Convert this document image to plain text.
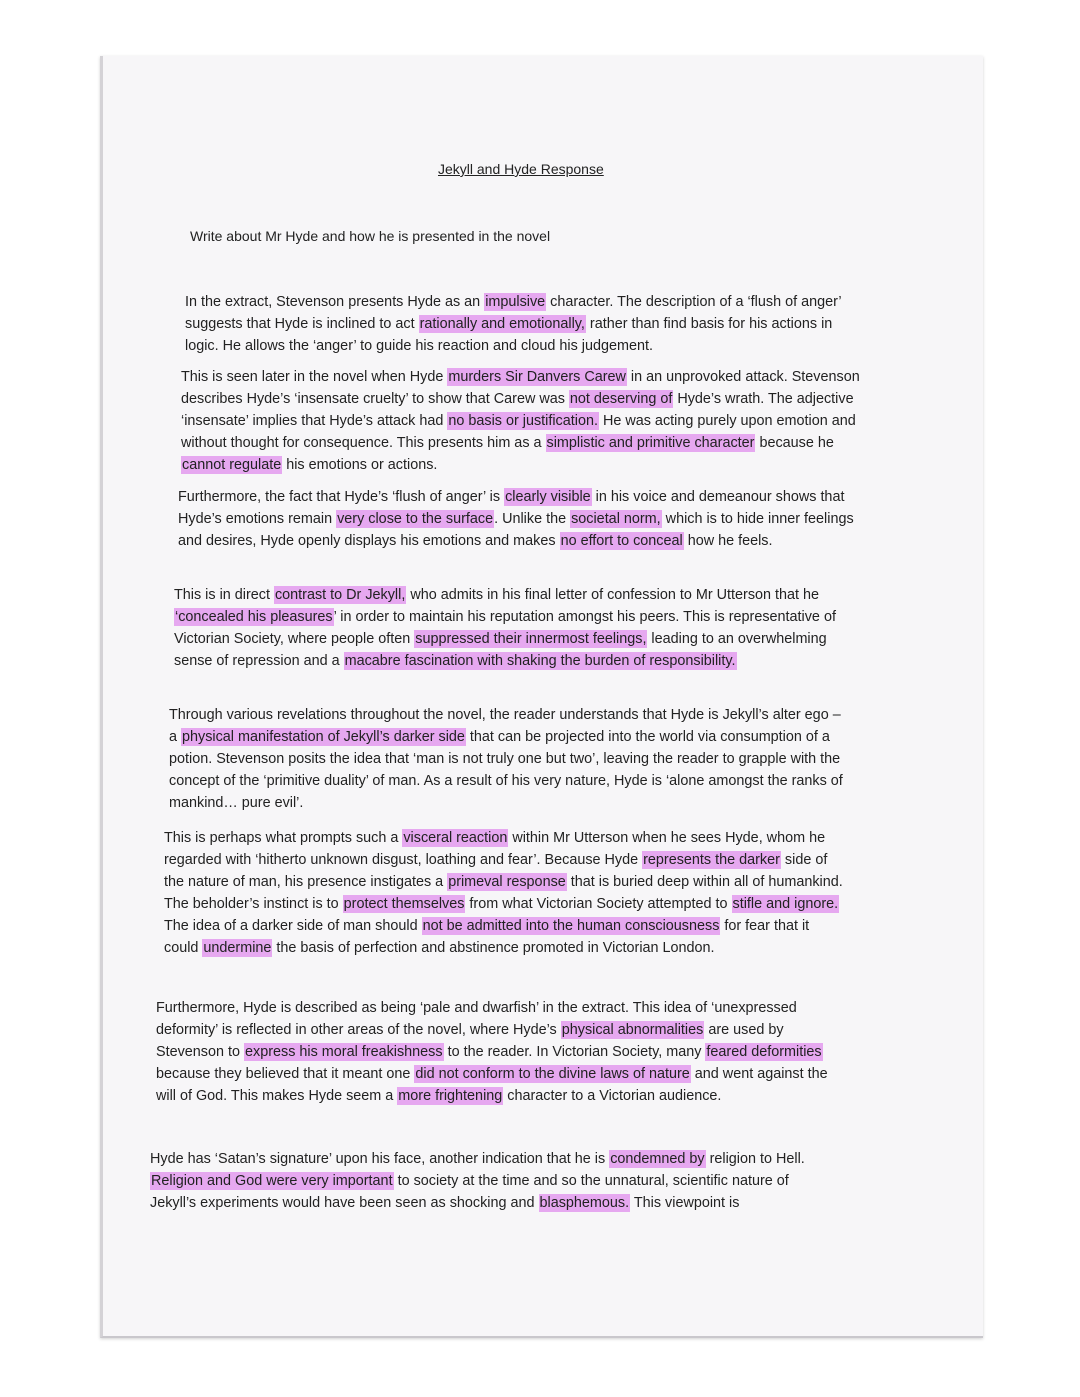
Jekyll and Hyde Response
Write about Mr Hyde and how he is presented in the novel
In the extract, Stevenson presents Hyde as an impulsive character. The description of a ‘flush of anger’ suggests that Hyde is inclined to act rationally and emotionally, rather than find basis for his actions in logic. He allows the ‘anger’ to guide his reaction and cloud his judgement.
This is seen later in the novel when Hyde murders Sir Danvers Carew in an unprovoked attack. Stevenson describes Hyde’s ‘insensate cruelty’ to show that Carew was not deserving of Hyde’s wrath. The adjective ‘insensate’ implies that Hyde’s attack had no basis or justification. He was acting purely upon emotion and without thought for consequence. This presents him as a simplistic and primitive character because he cannot regulate his emotions or actions.
Furthermore, the fact that Hyde’s ‘flush of anger’ is clearly visible in his voice and demeanour shows that Hyde’s emotions remain very close to the surface. Unlike the societal norm, which is to hide inner feelings and desires, Hyde openly displays his emotions and makes no effort to conceal how he feels.
This is in direct contrast to Dr Jekyll, who admits in his final letter of confession to Mr Utterson that he ‘concealed his pleasures’ in order to maintain his reputation amongst his peers. This is representative of Victorian Society, where people often suppressed their innermost feelings, leading to an overwhelming sense of repression and a macabre fascination with shaking the burden of responsibility.
Through various revelations throughout the novel, the reader understands that Hyde is Jekyll’s alter ego – a physical manifestation of Jekyll’s darker side that can be projected into the world via consumption of a potion. Stevenson posits the idea that ‘man is not truly one but two’, leaving the reader to grapple with the concept of the ‘primitive duality’ of man. As a result of his very nature, Hyde is ‘alone amongst the ranks of mankind… pure evil’.
This is perhaps what prompts such a visceral reaction within Mr Utterson when he sees Hyde, whom he regarded with ‘hitherto unknown disgust, loathing and fear’. Because Hyde represents the darker side of the nature of man, his presence instigates a primeval response that is buried deep within all of humankind. The beholder’s instinct is to protect themselves from what Victorian Society attempted to stifle and ignore. The idea of a darker side of man should not be admitted into the human consciousness for fear that it could undermine the basis of perfection and abstinence promoted in Victorian London.
Furthermore, Hyde is described as being ‘pale and dwarfish’ in the extract. This idea of ‘unexpressed deformity’ is reflected in other areas of the novel, where Hyde’s physical abnormalities are used by Stevenson to express his moral freakishness to the reader. In Victorian Society, many feared deformities because they believed that it meant one did not conform to the divine laws of nature and went against the will of God. This makes Hyde seem a more frightening character to a Victorian audience.
Hyde has ‘Satan’s signature’ upon his face, another indication that he is condemned by religion to Hell. Religion and God were very important to society at the time and so the unnatural, scientific nature of Jekyll’s experiments would have been seen as shocking and blasphemous. This viewpoint is
